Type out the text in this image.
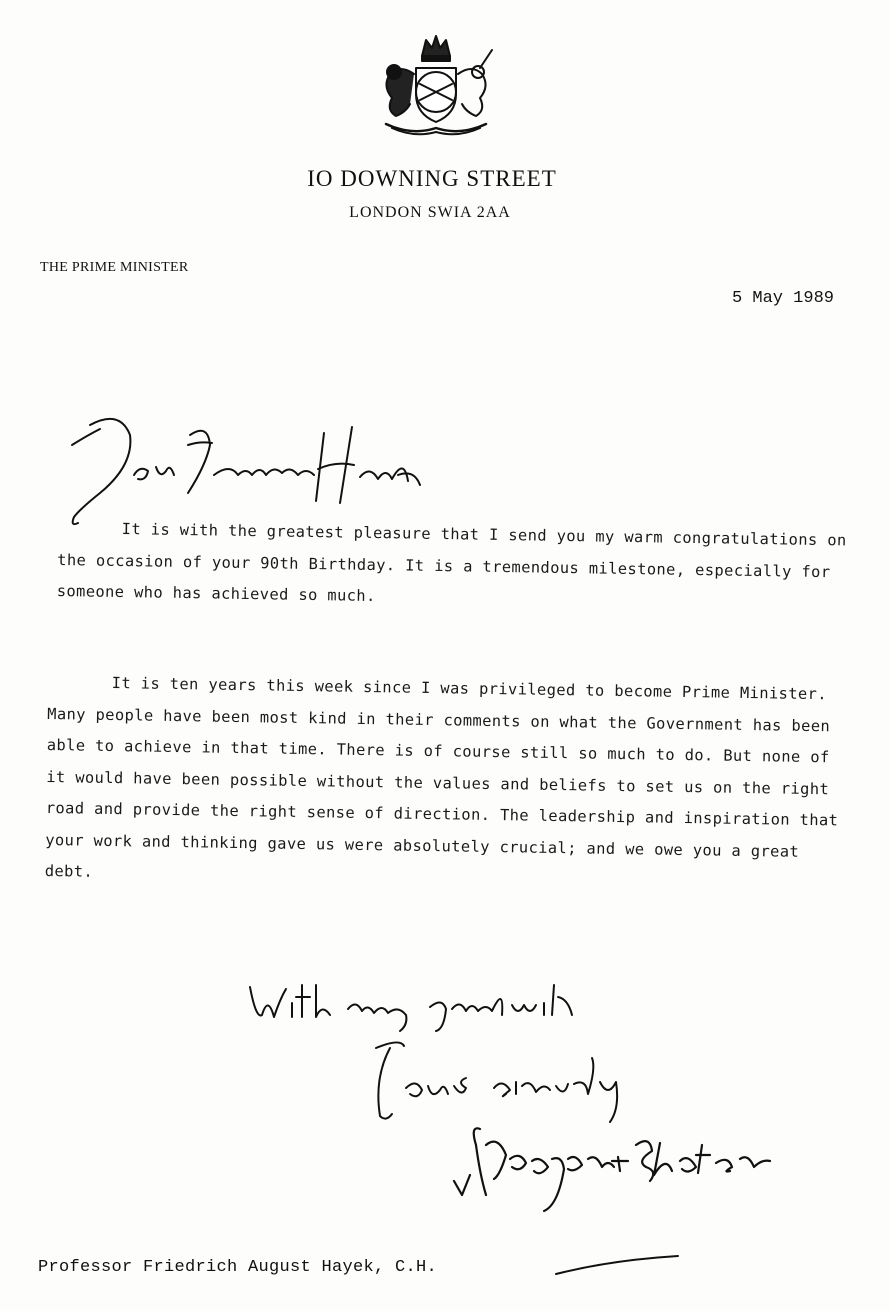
IO DOWNING STREET
LONDON SWIA 2AA
THE PRIME MINISTER
5 May 1989

It is with the greatest pleasure that I send you my warm congratulations on the occasion of your 90th Birthday. It is a tremendous milestone, especially for someone who has achieved so much.

It is ten years this week since I was privileged to become Prime Minister. Many people have been most kind in their comments on what the Government has been able to achieve in that time. There is of course still so much to do. But none of it would have been possible without the values and beliefs to set us on the right road and provide the right sense of direction. The leadership and inspiration that your work and thinking gave us were absolutely crucial; and we owe you a great debt.

Professor Friedrich August Hayek, C.H.
